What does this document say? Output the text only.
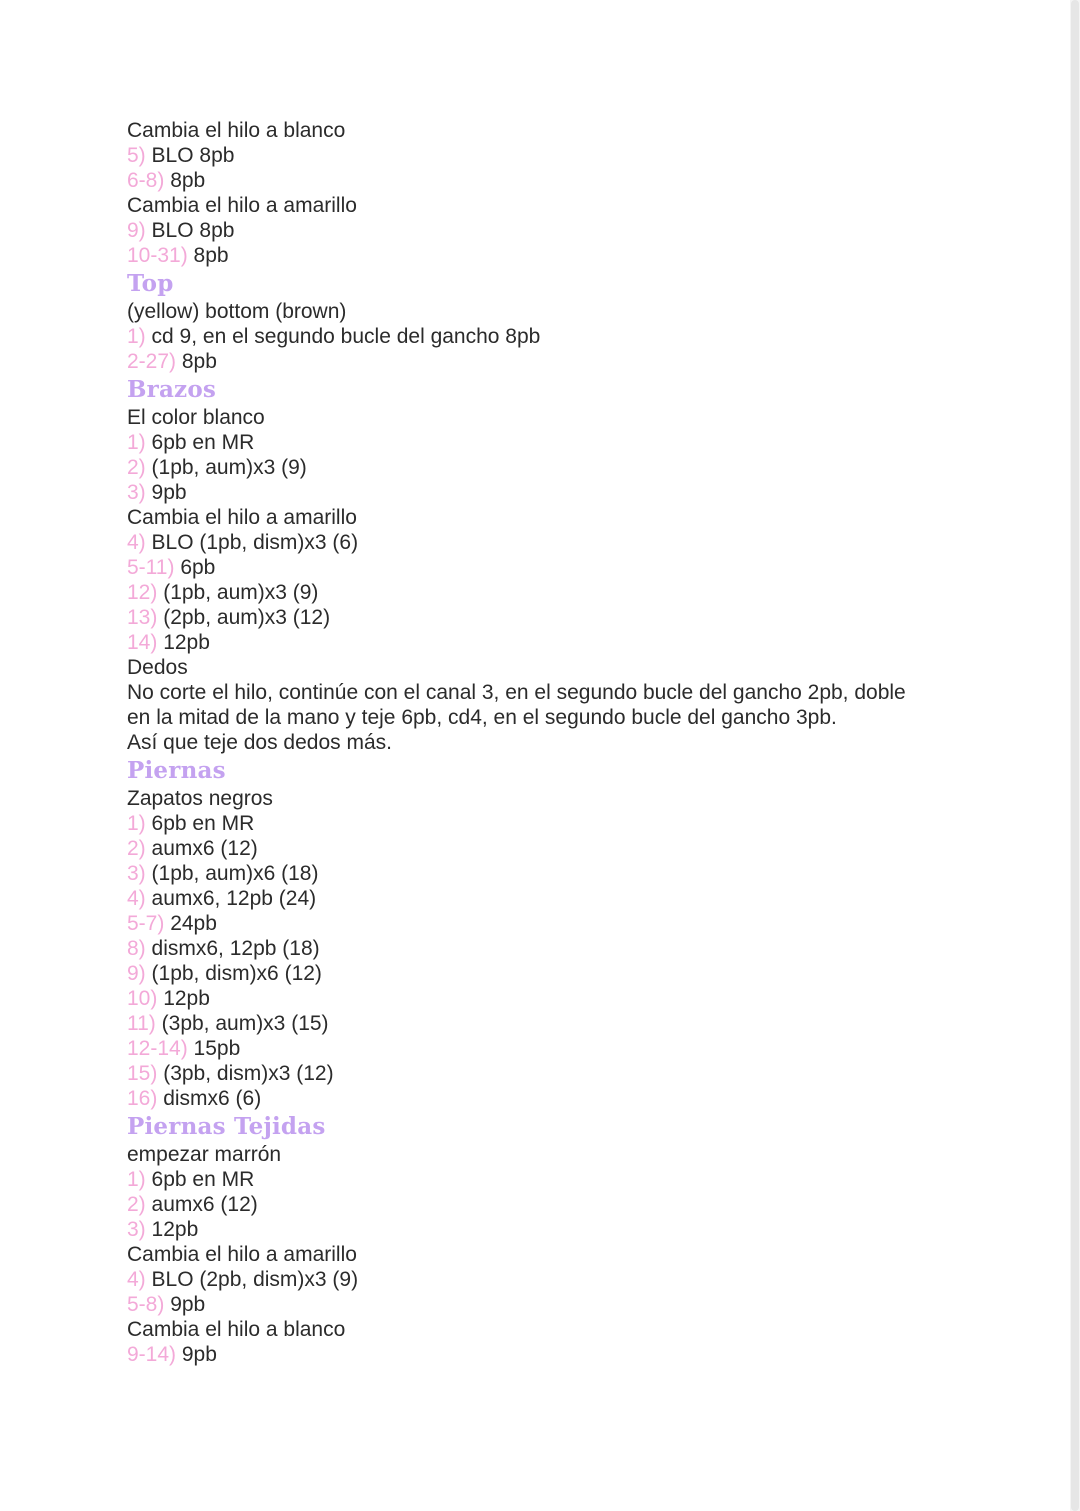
Cambia el hilo a blanco
5) BLO 8pb
6-8) 8pb
Cambia el hilo a amarillo
9) BLO 8pb
10-31) 8pb
Top
(yellow) bottom (brown)
1) cd 9, en el segundo bucle del gancho 8pb
2-27) 8pb
Brazos
El color blanco
1) 6pb en MR
2) (1pb, aum)x3 (9)
3) 9pb
Cambia el hilo a amarillo
4) BLO (1pb, dism)x3 (6)
5-11) 6pb
12) (1pb, aum)x3 (9)
13) (2pb, aum)x3 (12)
14) 12pb
Dedos
No corte el hilo, continúe con el canal 3, en el segundo bucle del gancho 2pb, doble
en la mitad de la mano y teje 6pb, cd4, en el segundo bucle del gancho 3pb.
Así que teje dos dedos más.
Piernas
Zapatos negros
1) 6pb en MR
2) aumx6 (12)
3) (1pb, aum)x6 (18)
4) aumx6, 12pb (24)
5-7) 24pb
8) dismx6, 12pb (18)
9) (1pb, dism)x6 (12)
10) 12pb
11) (3pb, aum)x3 (15)
12-14) 15pb
15) (3pb, dism)x3 (12)
16) dismx6 (6)
Piernas Tejidas
empezar marrón
1) 6pb en MR
2) aumx6 (12)
3) 12pb
Cambia el hilo a amarillo
4) BLO (2pb, dism)x3 (9)
5-8) 9pb
Cambia el hilo a blanco
9-14) 9pb
